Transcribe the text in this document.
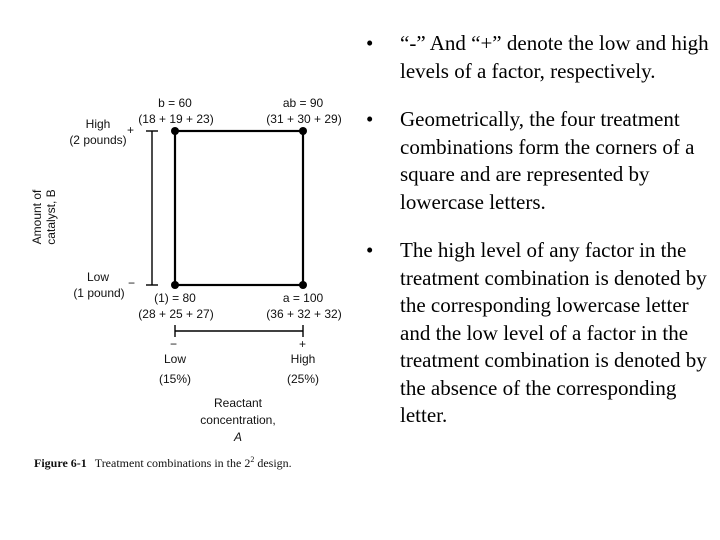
b = 60
(18 + 19 + 23)
ab = 90
(31 + 30 + 29)
(1) = 80
(28 + 25 + 27)
a = 100
(36 + 32 + 32)
High
(2 pounds)
+
Low
(1 pound)
−
Amount of catalyst, B
−	+
Low
(15%)
High
(25%)
Reactant
concentration,
A
Figure 6-1 Treatment combinations in the $2^2$ design.
• “-” And “+” denote the low and high levels of a factor, respectively.
• Geometrically, the four treatment combinations form the corners of a square and are represented by lowercase letters.
• The high level of any factor in the treatment combination is denoted by the corresponding lowercase letter and the low level of a factor in the treatment combination is denoted by the absence of the corresponding letter.
